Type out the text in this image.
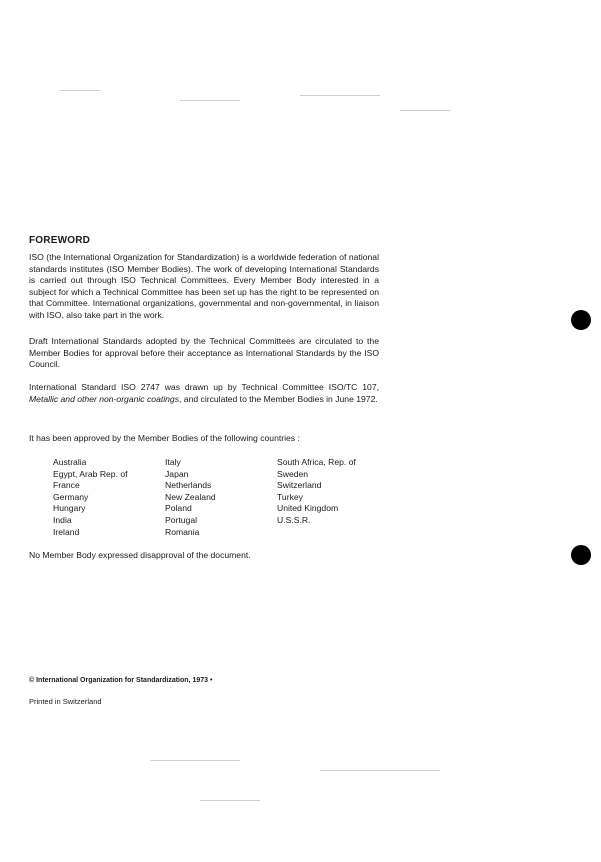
FOREWORD
ISO (the International Organization for Standardization) is a worldwide federation of national standards institutes (ISO Member Bodies). The work of developing International Standards is carried out through ISO Technical Committees. Every Member Body interested in a subject for which a Technical Committee has been set up has the right to be represented on that Committee. International organizations, governmental and non-governmental, in liaison with ISO, also take part in the work.
Draft International Standards adopted by the Technical Committees are circulated to the Member Bodies for approval before their acceptance as International Standards by the ISO Council.
International Standard ISO 2747 was drawn up by Technical Committee ISO/TC 107, Metallic and other non-organic coatings, and circulated to the Member Bodies in June 1972.
It has been approved by the Member Bodies of the following countries :
Australia
Egypt, Arab Rep. of
France
Germany
Hungary
India
Ireland
Italy
Japan
Netherlands
New Zealand
Poland
Portugal
Romania
South Africa, Rep. of
Sweden
Switzerland
Turkey
United Kingdom
U.S.S.R.
No Member Body expressed disapproval of the document.
© International Organization for Standardization, 1973 •
Printed in Switzerland
